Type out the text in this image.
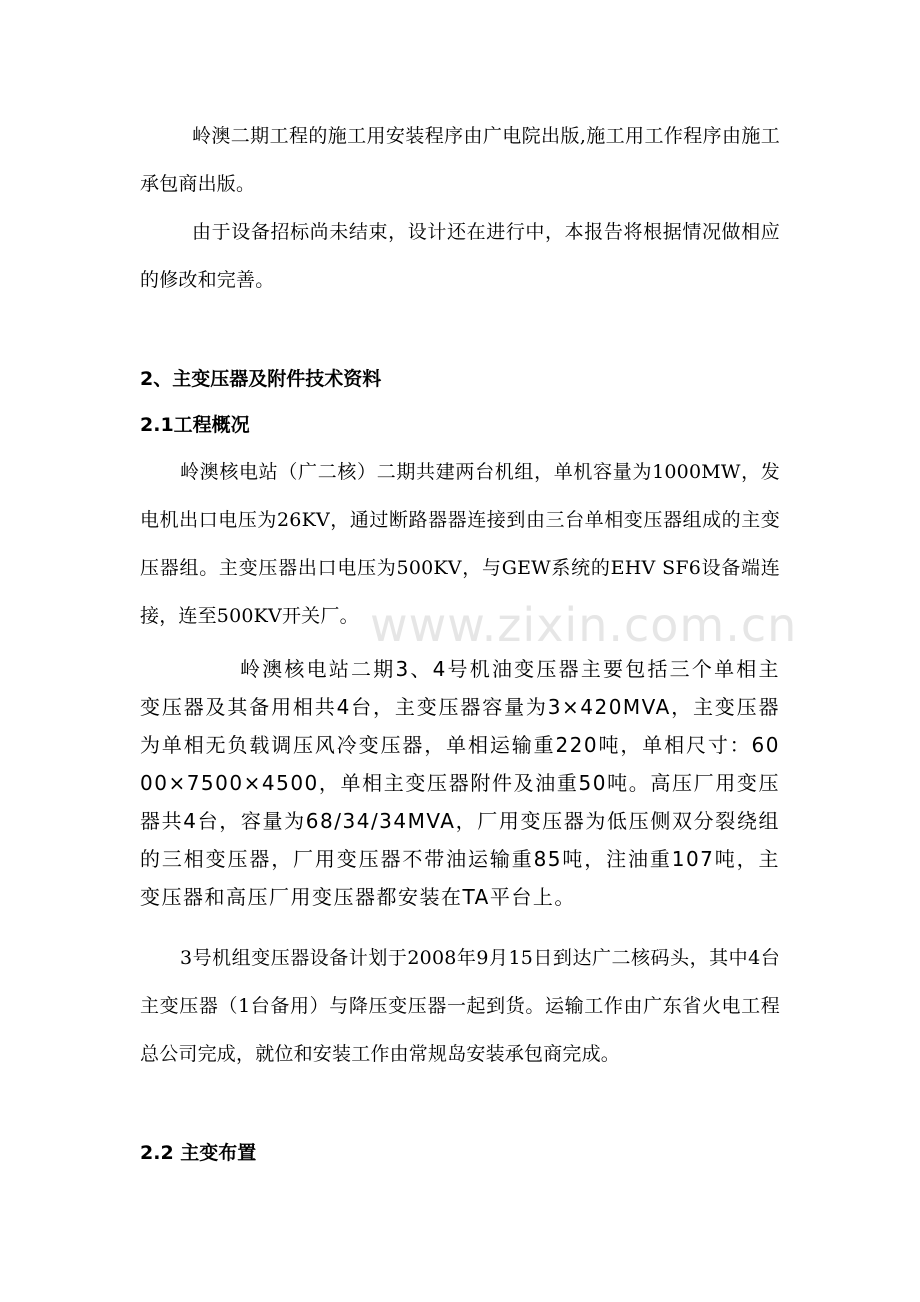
www.zixin.com.cn

岭澳二期工程的施工用安装程序由广电院出版,施工用工作程序由施工承包商出版。

由于设备招标尚未结束，设计还在进行中，本报告将根据情况做相应的修改和完善。

2、主变压器及附件技术资料
2.1工程概况

岭澳核电站（广二核）二期共建两台机组，单机容量为1000MW，发电机出口电压为26KV，通过断路器器连接到由三台单相变压器组成的主变压器组。主变压器出口电压为500KV，与GEW系统的EHV SF6设备端连接，连至500KV开关厂。

岭澳核电站二期3、4号机油变压器主要包括三个单相主变压器及其备用相共4台，主变压器容量为3×420MVA，主变压器为单相无负载调压风冷变压器，单相运输重220吨，单相尺寸：6000×7500×4500，单相主变压器附件及油重50吨。高压厂用变压器共4台，容量为68/34/34MVA，厂用变压器为低压侧双分裂绕组的三相变压器，厂用变压器不带油运输重85吨，注油重107吨，主变压器和高压厂用变压器都安装在TA平台上。

3号机组变压器设备计划于2008年9月15日到达广二核码头，其中4台主变压器（1台备用）与降压变压器一起到货。运输工作由广东省火电工程总公司完成，就位和安装工作由常规岛安装承包商完成。

2.2 主变布置
